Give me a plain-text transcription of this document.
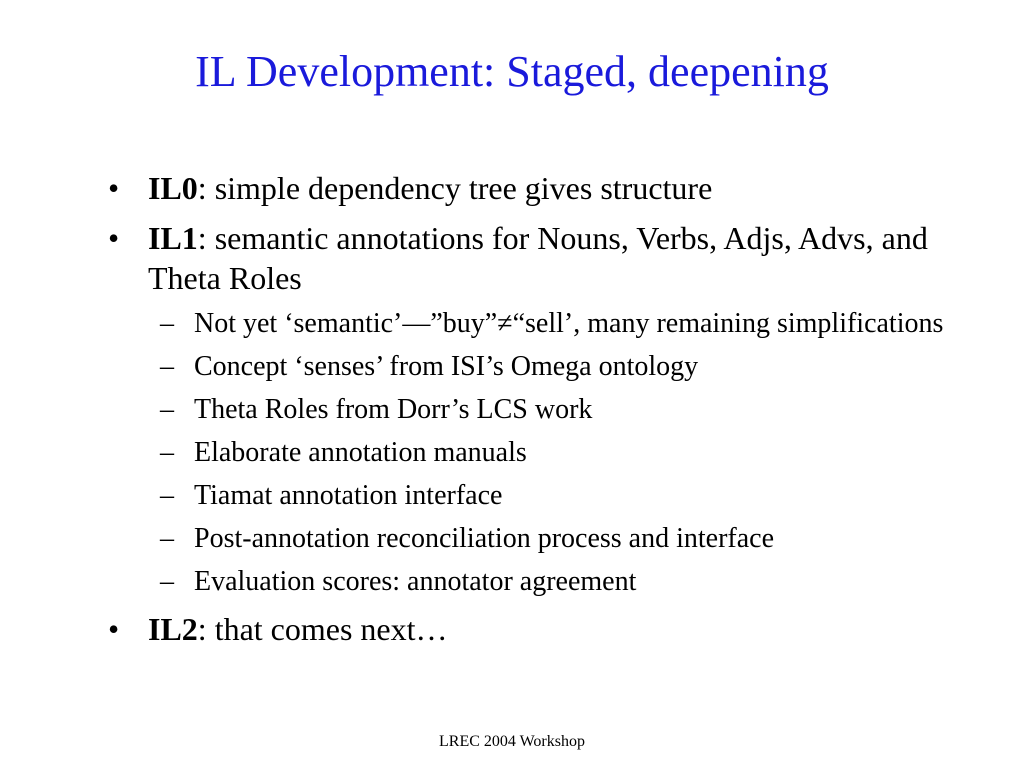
IL Development: Staged, deepening
• IL0: simple dependency tree gives structure
• IL1: semantic annotations for Nouns, Verbs, Adjs, Advs, and Theta Roles
– Not yet ‘semantic’—”buy”≠“sell’, many remaining simplifications
– Concept ‘senses’ from ISI’s Omega ontology
– Theta Roles from Dorr’s LCS work
– Elaborate annotation manuals
– Tiamat annotation interface
– Post-annotation reconciliation process and interface
– Evaluation scores: annotator agreement
• IL2: that comes next…
LREC 2004 Workshop
